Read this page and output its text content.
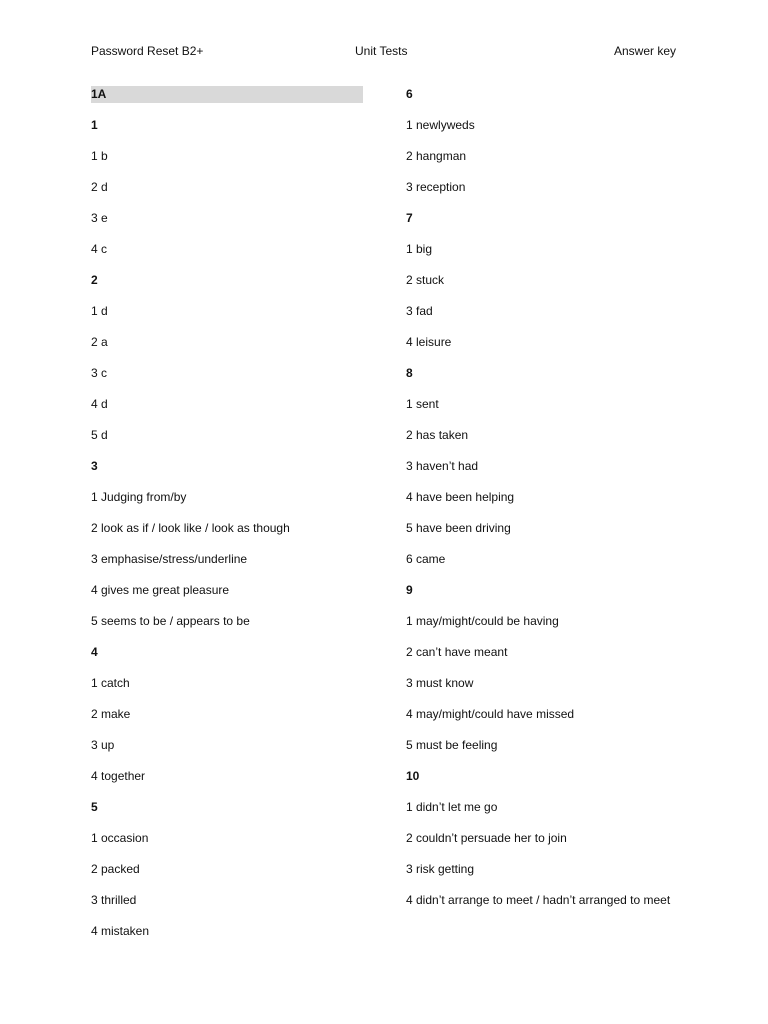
Password Reset B2+	Unit Tests	Answer key
1A
1
1 b
2 d
3 e
4 c
2
1 d
2 a
3 c
4 d
5 d
3
1 Judging from/by
2 look as if / look like / look as though
3 emphasise/stress/underline
4 gives me great pleasure
5 seems to be / appears to be
4
1 catch
2 make
3 up
4 together
5
1 occasion
2 packed
3 thrilled
4 mistaken
6
1 newlyweds
2 hangman
3 reception
7
1 big
2 stuck
3 fad
4 leisure
8
1 sent
2 has taken
3 haven’t had
4 have been helping
5 have been driving
6 came
9
1 may/might/could be having
2 can’t have meant
3 must know
4 may/might/could have missed
5 must be feeling
10
1 didn’t let me go
2 couldn’t persuade her to join
3 risk getting
4 didn’t arrange to meet / hadn’t arranged to meet
